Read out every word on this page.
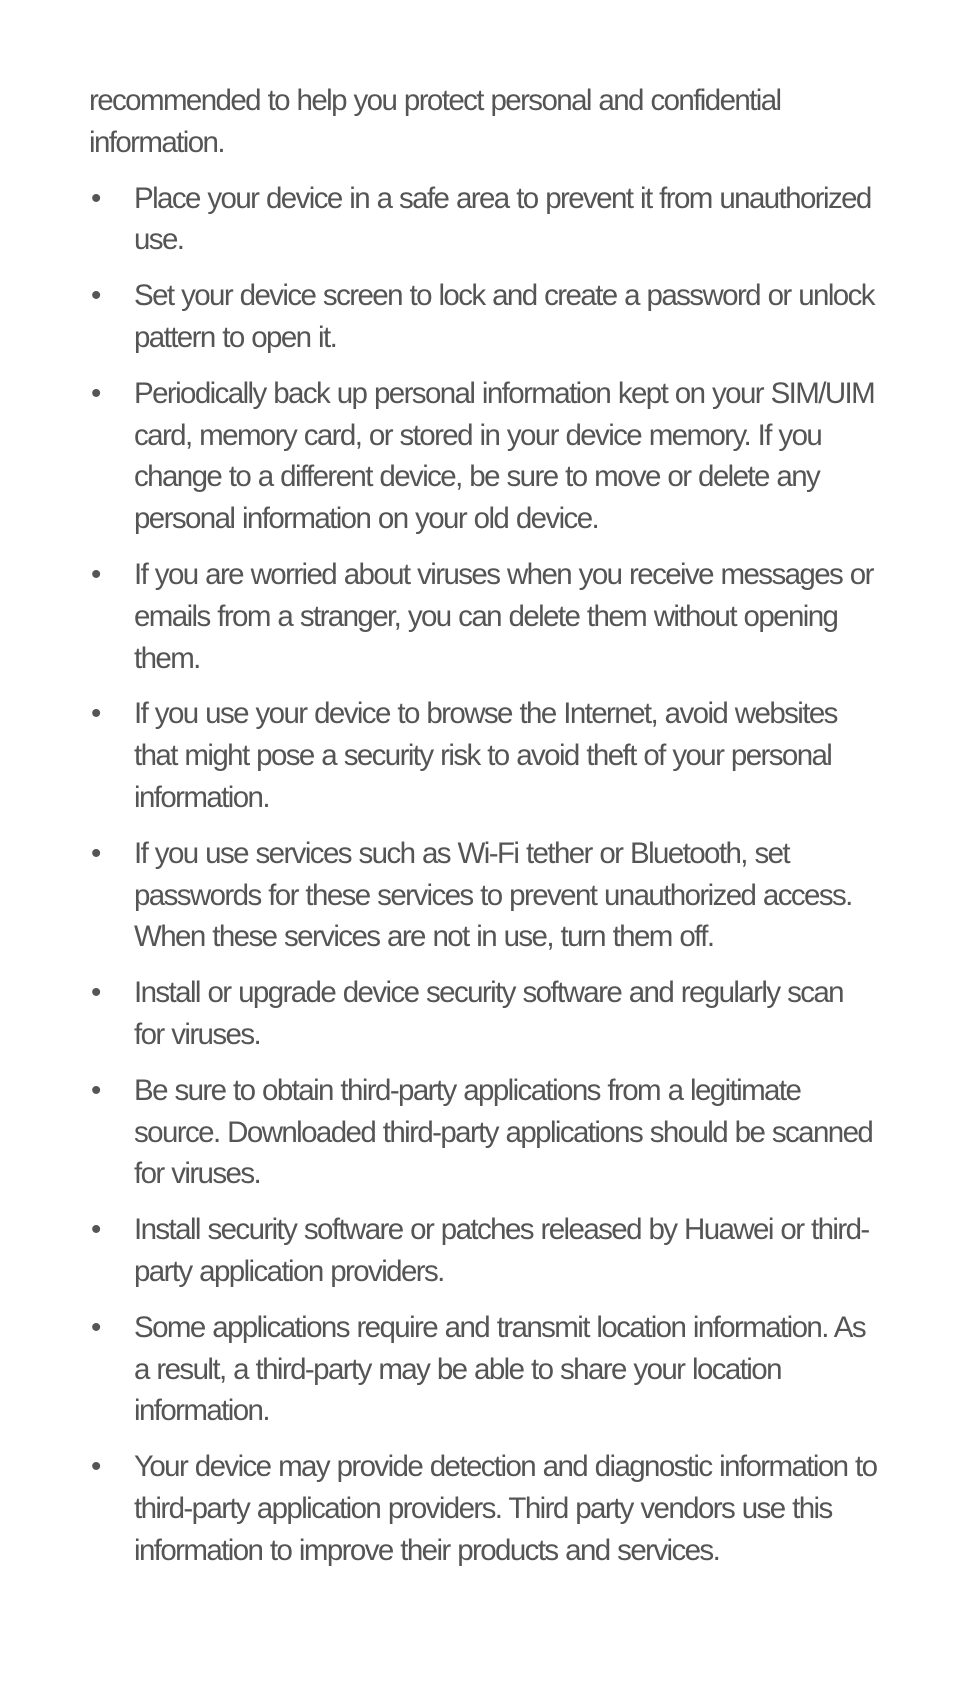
recommended to help you protect personal and confidential information.

• Place your device in a safe area to prevent it from unauthorized use.
• Set your device screen to lock and create a password or unlock pattern to open it.
• Periodically back up personal information kept on your SIM/UIM card, memory card, or stored in your device memory. If you change to a different device, be sure to move or delete any personal information on your old device.
• If you are worried about viruses when you receive messages or emails from a stranger, you can delete them without opening them.
• If you use your device to browse the Internet, avoid websites that might pose a security risk to avoid theft of your personal information.
• If you use services such as Wi-Fi tether or Bluetooth, set passwords for these services to prevent unauthorized access. When these services are not in use, turn them off.
• Install or upgrade device security software and regularly scan for viruses.
• Be sure to obtain third-party applications from a legitimate source. Downloaded third-party applications should be scanned for viruses.
• Install security software or patches released by Huawei or third-party application providers.
• Some applications require and transmit location information. As a result, a third-party may be able to share your location information.
• Your device may provide detection and diagnostic information to third-party application providers. Third party vendors use this information to improve their products and services.
